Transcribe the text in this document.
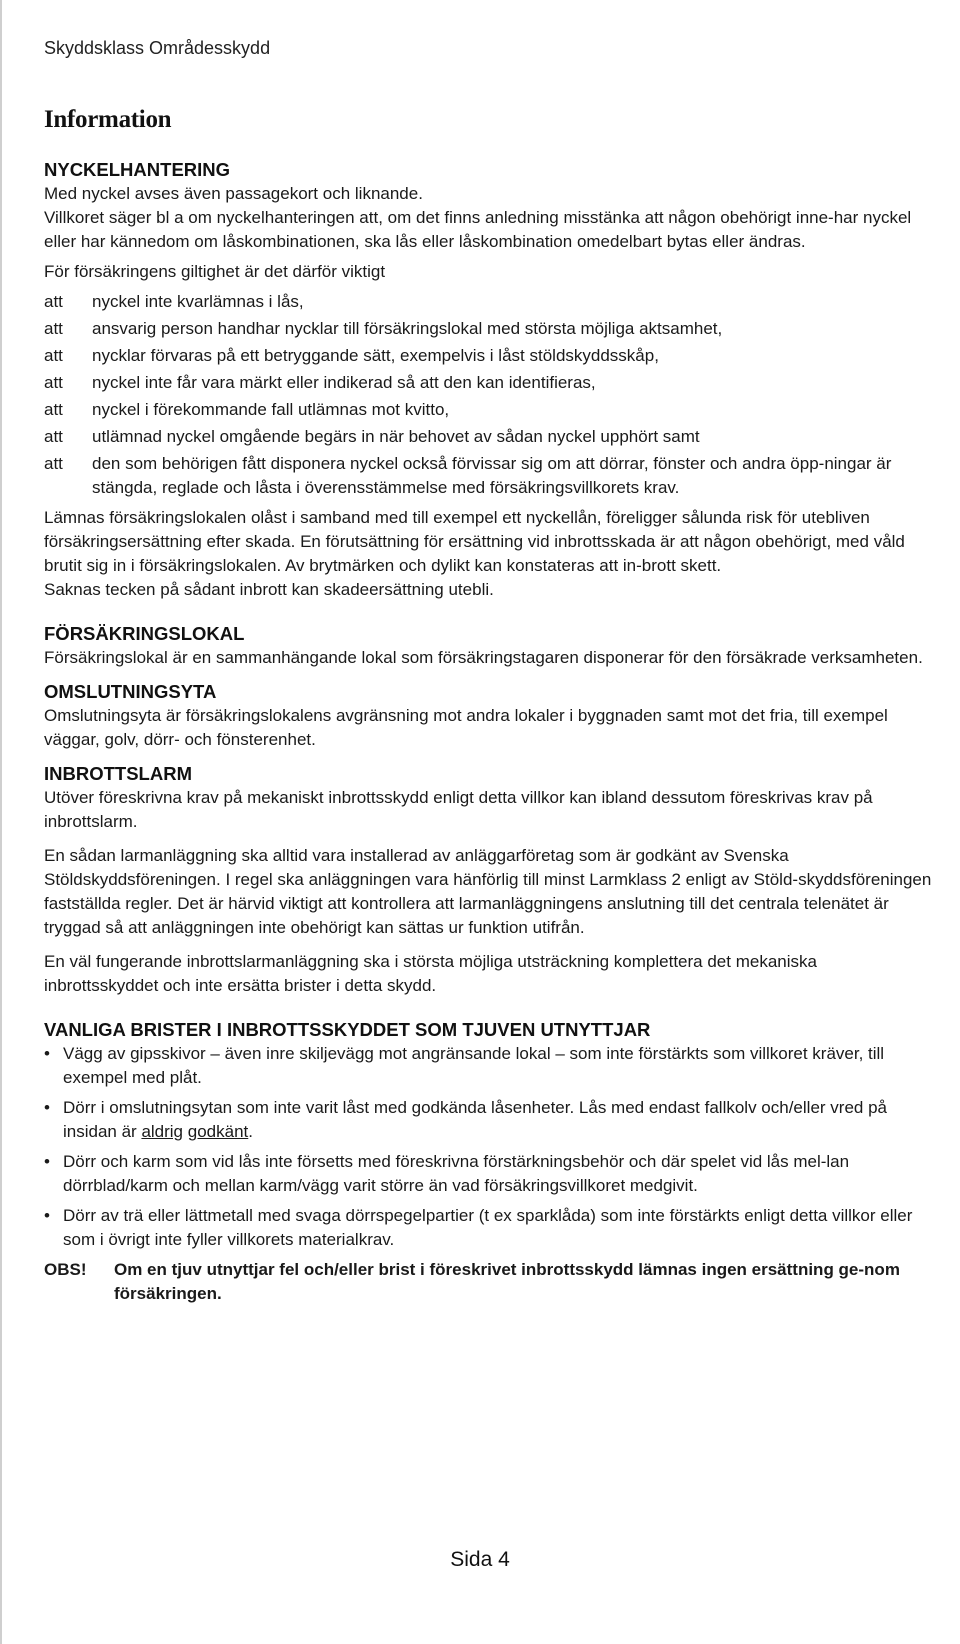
Skyddsklass Områdesskydd
Information

NYCKELHANTERING

Med nyckel avses även passagekort och liknande.

Villkoret säger bl a om nyckelhanteringen att, om det finns anledning misstänka att någon obehörigt inne-har nyckel eller har kännedom om låskombinationen, ska lås eller låskombination omedelbart bytas eller ändras.

För försäkringens giltighet är det därför viktigt

att	nyckel inte kvarlämnas i lås,
att	ansvarig person handhar nycklar till försäkringslokal med största möjliga aktsamhet,
att	nycklar förvaras på ett betryggande sätt, exempelvis i låst stöldskyddsskåp,
att	nyckel inte får vara märkt eller indikerad så att den kan identifieras,
att	nyckel i förekommande fall utlämnas mot kvitto,
att	utlämnad nyckel omgående begärs in när behovet av sådan nyckel upphört samt
att	den som behörigen fått disponera nyckel också förvissar sig om att dörrar, fönster och andra öpp-ningar är stängda, reglade och låsta i överensstämmelse med försäkringsvillkorets krav.

Lämnas försäkringslokalen olåst i samband med till exempel ett nyckellån, föreligger sålunda risk för utebliven försäkringsersättning efter skada. En förutsättning för ersättning vid inbrottsskada är att någon obehörigt, med våld brutit sig in i försäkringslokalen. Av brytmärken och dylikt kan konstateras att in-brott skett.

Saknas tecken på sådant inbrott kan skadeersättning utebli.

FÖRSÄKRINGSLOKAL

Försäkringslokal är en sammanhängande lokal som försäkringstagaren disponerar för den försäkrade verksamheten.

OMSLUTNINGSYTA

Omslutningsyta är försäkringslokalens avgränsning mot andra lokaler i byggnaden samt mot det fria, till exempel väggar, golv, dörr- och fönsterenhet.

INBROTTSLARM

Utöver föreskrivna krav på mekaniskt inbrottsskydd enligt detta villkor kan ibland dessutom föreskrivas krav på inbrottslarm.

En sådan larmanläggning ska alltid vara installerad av anläggarföretag som är godkänt av Svenska Stöldskyddsföreningen. I regel ska anläggningen vara hänförlig till minst Larmklass 2 enligt av Stöld-skyddsföreningen fastställda regler. Det är härvid viktigt att kontrollera att larmanläggningens anslutning till det centrala telenätet är tryggad så att anläggningen inte obehörigt kan sättas ur funktion utifrån.

En väl fungerande inbrottslarmanläggning ska i största möjliga utsträckning komplettera det mekaniska inbrottsskyddet och inte ersätta brister i detta skydd.

VANLIGA BRISTER I INBROTTSSKYDDET SOM TJUVEN UTNYTTJAR

• Vägg av gipsskivor – även inre skiljevägg mot angränsande lokal – som inte förstärkts som villkoret kräver, till exempel med plåt.
• Dörr i omslutningsytan som inte varit låst med godkända låsenheter. Lås med endast fallkolv och/eller vred på insidan är aldrig godkänt.
• Dörr och karm som vid lås inte försetts med föreskrivna förstärkningsbehör och där spelet vid lås mel-lan dörrblad/karm och mellan karm/vägg varit större än vad försäkringsvillkoret medgivit.
• Dörr av trä eller lättmetall med svaga dörrspegelpartier (t ex sparklåda) som inte förstärkts enligt detta villkor eller som i övrigt inte fyller villkorets materialkrav.

OBS!	Om en tjuv utnyttjar fel och/eller brist i föreskrivet inbrottsskydd lämnas ingen ersättning ge-nom försäkringen.

Sida 4
